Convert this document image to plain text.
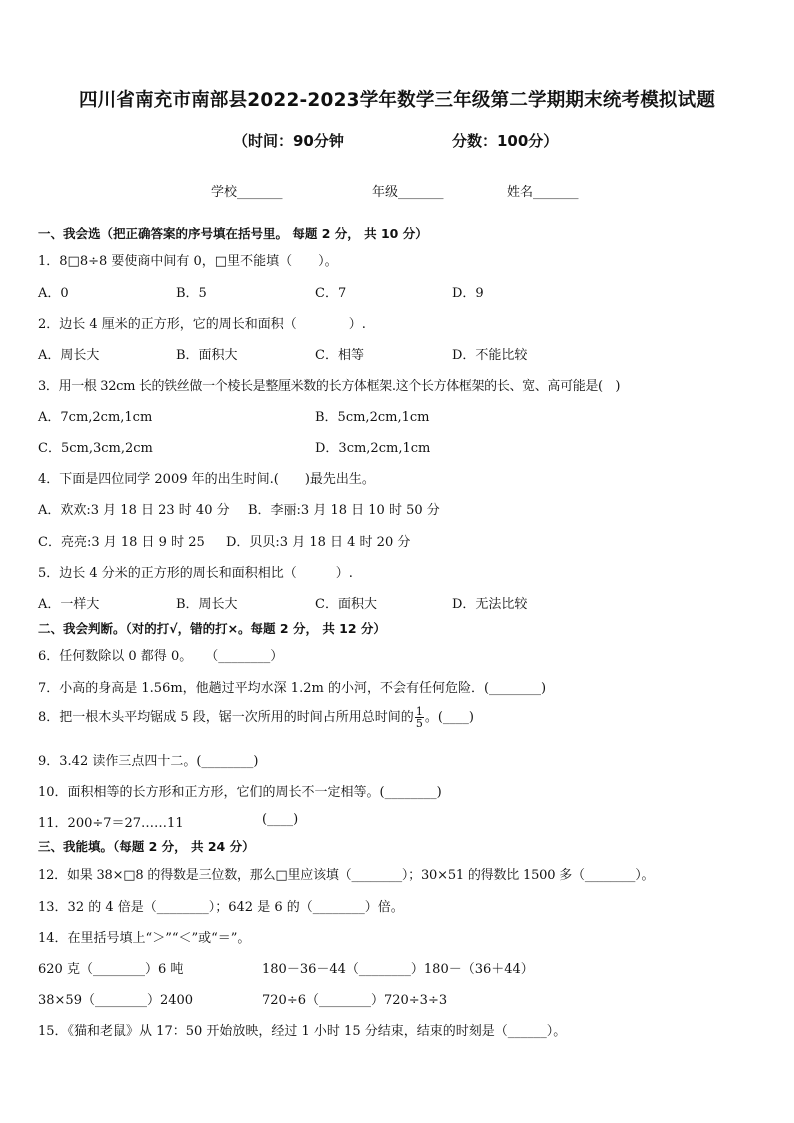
四川省南充市南部县2022-2023学年数学三年级第二学期期末统考模拟试题
（时间：90分钟	分数：100分）
学校_______	年级_______	姓名_______
一、我会选（把正确答案的序号填在括号里。 每题 2 分， 共 10 分）
1．8□8÷8 要使商中间有 0，□里不能填（　　）。
A．0	B．5	C．7	D．9
2．边长 4 厘米的正方形，它的周长和面积（　　　　）.
A．周长大	B．面积大	C．相等	D．不能比较
3．用一根 32cm 长的铁丝做一个棱长是整厘米数的长方体框架.这个长方体框架的长、宽、高可能是(　)
A．7cm,2cm,1cm	B．5cm,2cm,1cm
C．5cm,3cm,2cm	D．3cm,2cm,1cm
4．下面是四位同学 2009 年的出生时间.(　　)最先出生。
A．欢欢:3 月 18 日 23 时 40 分 B．李丽:3 月 18 日 10 时 50 分
C．亮亮:3 月 18 日 9 时 25 D．贝贝:3 月 18 日 4 时 20 分
5．边长 4 分米的正方形的周长和面积相比（　　　）.
A．一样大	B．周长大	C．面积大	D．无法比较
二、我会判断。（对的打√，错的打×。每题 2 分， 共 12 分）
6．任何数除以 0 都得 0。　　（________）
7．小高的身高是 1.56m，他趟过平均水深 1.2m 的小河，不会有任何危险．(________)
8．把一根木头平均锯成 5 段，锯一次所用的时间占所用总时间的 $\frac{1}{5}$ 。(____)
9．3.42 读作三点四十二。(________)
10．面积相等的长方形和正方形，它们的周长不一定相等。(________)
11．200÷7＝27……11	(____)
三、我能填。（每题 2 分， 共 24 分）
12．如果 38×□8 的得数是三位数，那么□里应该填（________）；30×51 的得数比 1500 多（________）。
13．32 的 4 倍是（________）；642 是 6 的（________）倍。
14．在里括号填上“＞”“＜”或“＝”。
620 克（________）6 吨	180－36－44（________）180－（36＋44）
38×59（________）2400	720÷6（________）720÷3÷3
15．《猫和老鼠》从 17：50 开始放映，经过 1 小时 15 分结束，结束的时刻是（______）。
